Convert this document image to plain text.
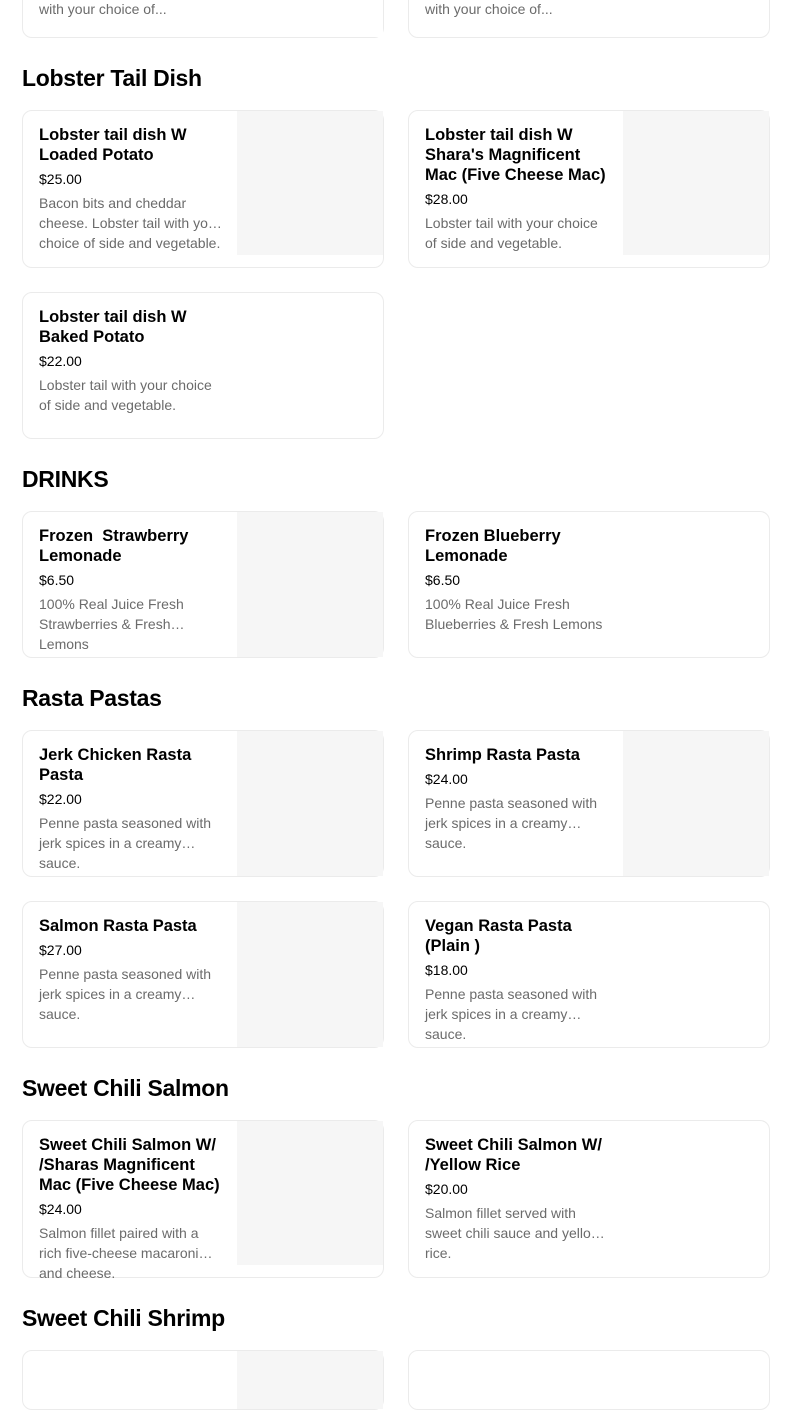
with your choice of...	with your choice of...
Lobster Tail Dish
Lobster tail dish W Loaded Potato
$25.00
Bacon bits and cheddar cheese. Lobster tail with your choice of side and vegetable.
Lobster tail dish W Shara's Magnificent Mac (Five Cheese Mac)
$28.00
Lobster tail with your choice of side and vegetable.
Lobster tail dish W Baked Potato
$22.00
Lobster tail with your choice of side and vegetable.
DRINKS
Frozen  Strawberry Lemonade
$6.50
100% Real Juice Fresh Strawberries & Fresh Lemons
Frozen Blueberry Lemonade
$6.50
100% Real Juice Fresh Blueberries & Fresh Lemons
Rasta Pastas
Jerk Chicken Rasta Pasta
$22.00
Penne pasta seasoned with jerk spices in a creamy sauce.
Shrimp Rasta Pasta
$24.00
Penne pasta seasoned with jerk spices in a creamy sauce.
Salmon Rasta Pasta
$27.00
Penne pasta seasoned with jerk spices in a creamy sauce.
Vegan Rasta Pasta (Plain )
$18.00
Penne pasta seasoned with jerk spices in a creamy sauce.
Sweet Chili Salmon
Sweet Chili Salmon W/ /Sharas Magnificent Mac (Five Cheese Mac)
$24.00
Salmon fillet paired with a rich five-cheese macaroni and cheese.
Sweet Chili Salmon W/ /Yellow Rice
$20.00
Salmon fillet served with sweet chili sauce and yellow rice.
Sweet Chili Shrimp
